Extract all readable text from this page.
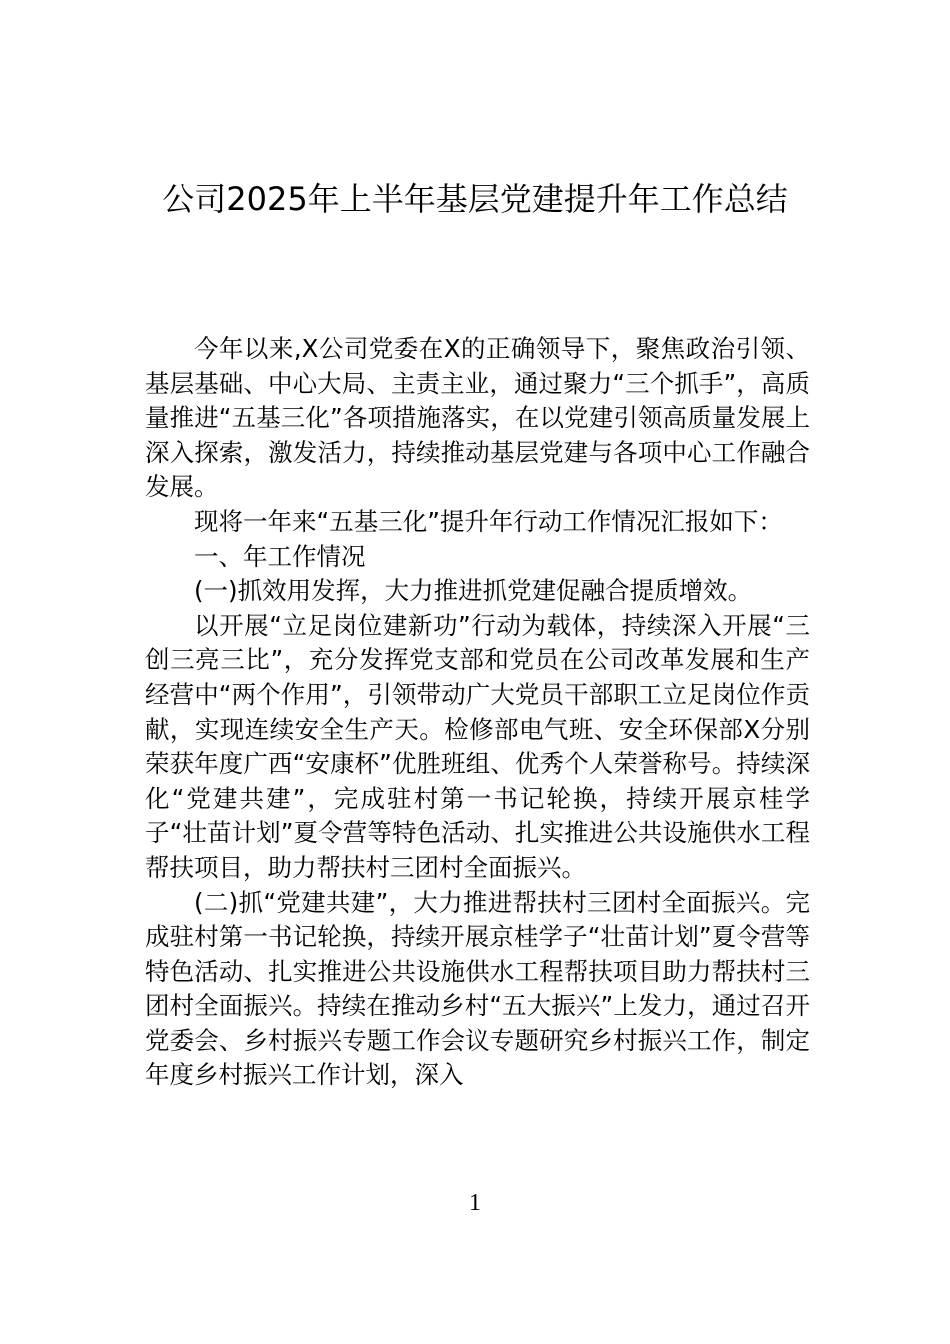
公司2025年上半年基层党建提升年工作总结

今年以来,X公司党委在X的正确领导下，聚焦政治引领、基层基础、中心大局、主责主业，通过聚力“三个抓手”，高质量推进“五基三化”各项措施落实，在以党建引领高质量发展上深入探索，激发活力，持续推动基层党建与各项中心工作融合发展。

现将一年来“五基三化”提升年行动工作情况汇报如下：

一、年工作情况

(一)抓效用发挥，大力推进抓党建促融合提质增效。

以开展“立足岗位建新功”行动为载体，持续深入开展“三创三亮三比”，充分发挥党支部和党员在公司改革发展和生产经营中“两个作用”，引领带动广大党员干部职工立足岗位作贡献，实现连续安全生产天。检修部电气班、安全环保部X分别荣获年度广西“安康杯”优胜班组、优秀个人荣誉称号。持续深化“党建共建”，完成驻村第一书记轮换，持续开展京桂学子“壮苗计划”夏令营等特色活动、扎实推进公共设施供水工程帮扶项目，助力帮扶村三团村全面振兴。

(二)抓“党建共建”，大力推进帮扶村三团村全面振兴。完成驻村第一书记轮换，持续开展京桂学子“壮苗计划”夏令营等特色活动、扎实推进公共设施供水工程帮扶项目助力帮扶村三团村全面振兴。持续在推动乡村“五大振兴”上发力，通过召开党委会、乡村振兴专题工作会议专题研究乡村振兴工作，制定年度乡村振兴工作计划，深入

1
